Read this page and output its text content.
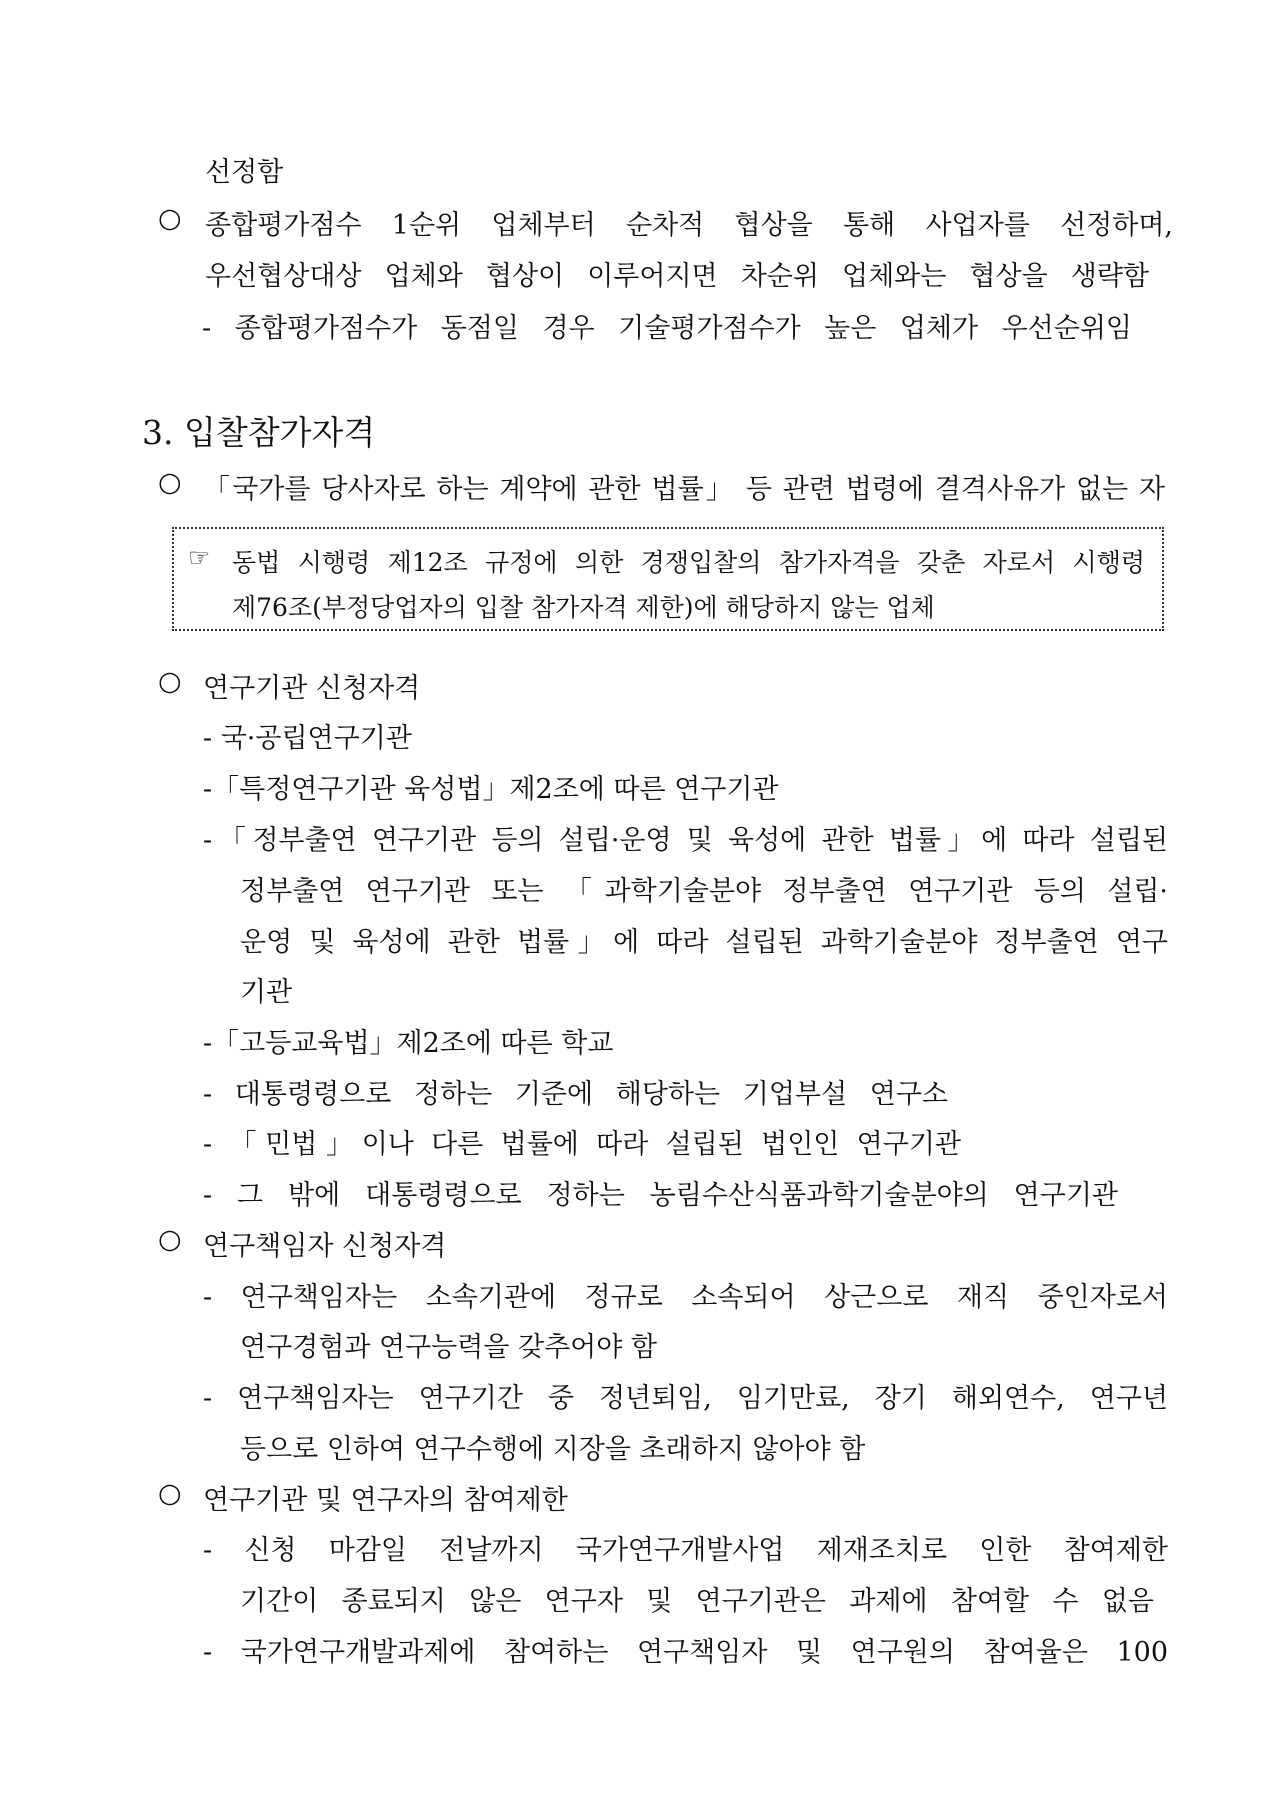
선정함
○ 종합평가점수 1순위 업체부터 순차적 협상을 통해 사업자를 선정하며,
우선협상대상 업체와 협상이 이루어지면 차순위 업체와는 협상을 생략함
- 종합평가점수가 동점일 경우 기술평가점수가 높은 업체가 우선순위임
3. 입찰참가자격
○ 「국가를 당사자로 하는 계약에 관한 법률」 등 관련 법령에 결격사유가 없는 자
☞ 동법 시행령 제12조 규정에 의한 경쟁입찰의 참가자격을 갖춘 자로서 시행령
제76조(부정당업자의 입찰 참가자격 제한)에 해당하지 않는 업체
○ 연구기관 신청자격
- 국·공립연구기관
-「특정연구기관 육성법」제2조에 따른 연구기관
-「정부출연 연구기관 등의 설립·운영 및 육성에 관한 법률」에 따라 설립된
정부출연 연구기관 또는 「과학기술분야 정부출연 연구기관 등의 설립·
운영 및 육성에 관한 법률」에 따라 설립된 과학기술분야 정부출연 연구
기관
-「고등교육법」제2조에 따른 학교
- 대통령령으로 정하는 기준에 해당하는 기업부설 연구소
- 「민법」이나 다른 법률에 따라 설립된 법인인 연구기관
- 그 밖에 대통령령으로 정하는 농림수산식품과학기술분야의 연구기관
○ 연구책임자 신청자격
- 연구책임자는 소속기관에 정규로 소속되어 상근으로 재직 중인자로서
연구경험과 연구능력을 갖추어야 함
- 연구책임자는 연구기간 중 정년퇴임, 임기만료, 장기 해외연수, 연구년
등으로 인하여 연구수행에 지장을 초래하지 않아야 함
○ 연구기관 및 연구자의 참여제한
- 신청 마감일 전날까지 국가연구개발사업 제재조치로 인한 참여제한
기간이 종료되지 않은 연구자 및 연구기관은 과제에 참여할 수 없음
- 국가연구개발과제에 참여하는 연구책임자 및 연구원의 참여율은 100
